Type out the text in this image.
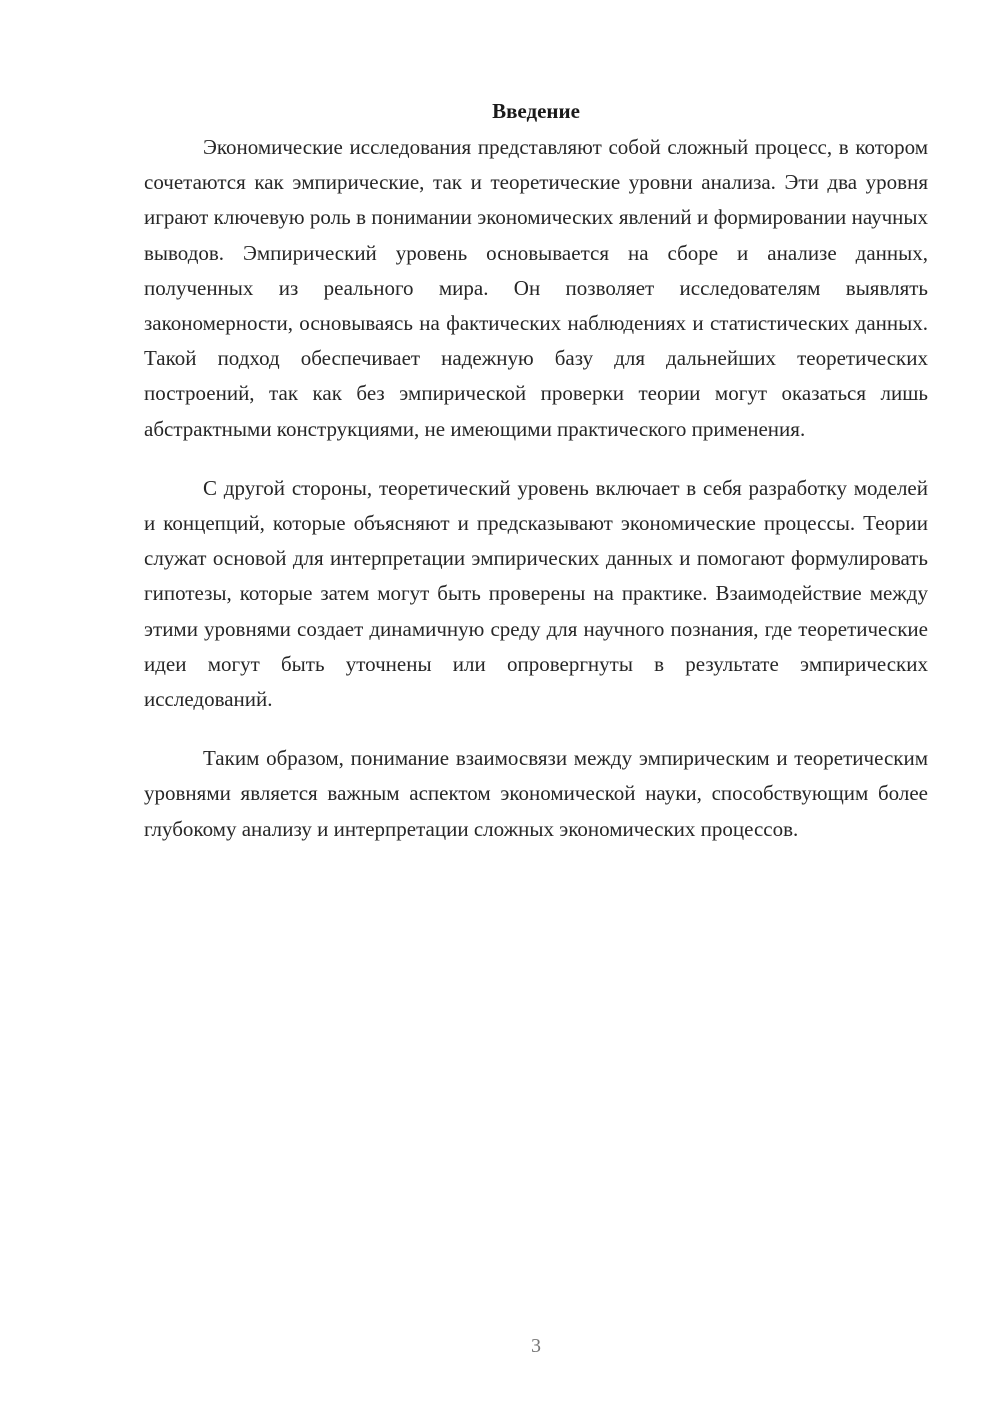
Введение

Экономические исследования представляют собой сложный процесс, в котором сочетаются как эмпирические, так и теоретические уровни анализа. Эти два уровня играют ключевую роль в понимании экономических явлений и формировании научных выводов. Эмпирический уровень основывается на сборе и анализе данных, полученных из реального мира. Он позволяет исследователям выявлять закономерности, основываясь на фактических наблюдениях и статистических данных. Такой подход обеспечивает надежную базу для дальнейших теоретических построений, так как без эмпирической проверки теории могут оказаться лишь абстрактными конструкциями, не имеющими практического применения.

С другой стороны, теоретический уровень включает в себя разработку моделей и концепций, которые объясняют и предсказывают экономические процессы. Теории служат основой для интерпретации эмпирических данных и помогают формулировать гипотезы, которые затем могут быть проверены на практике. Взаимодействие между этими уровнями создает динамичную среду для научного познания, где теоретические идеи могут быть уточнены или опровергнуты в результате эмпирических исследований.

Таким образом, понимание взаимосвязи между эмпирическим и теоретическим уровнями является важным аспектом экономической науки, способствующим более глубокому анализу и интерпретации сложных экономических процессов.

3
